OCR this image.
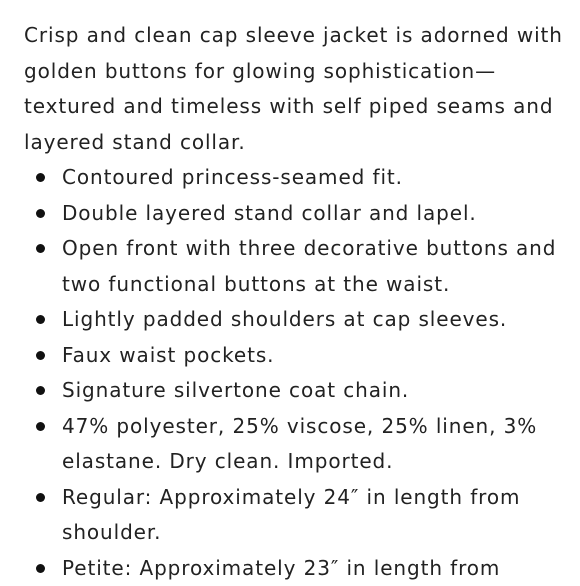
Crisp and clean cap sleeve jacket is adorned with golden buttons for glowing sophistication—textured and timeless with self piped seams and layered stand collar.

Contoured princess-seamed fit.
Double layered stand collar and lapel.
Open front with three decorative buttons and two functional buttons at the waist.
Lightly padded shoulders at cap sleeves.
Faux waist pockets.
Signature silvertone coat chain.
47% polyester, 25% viscose, 25% linen, 3% elastane. Dry clean. Imported.
Regular: Approximately 24″ in length from shoulder.
Petite: Approximately 23″ in length from
